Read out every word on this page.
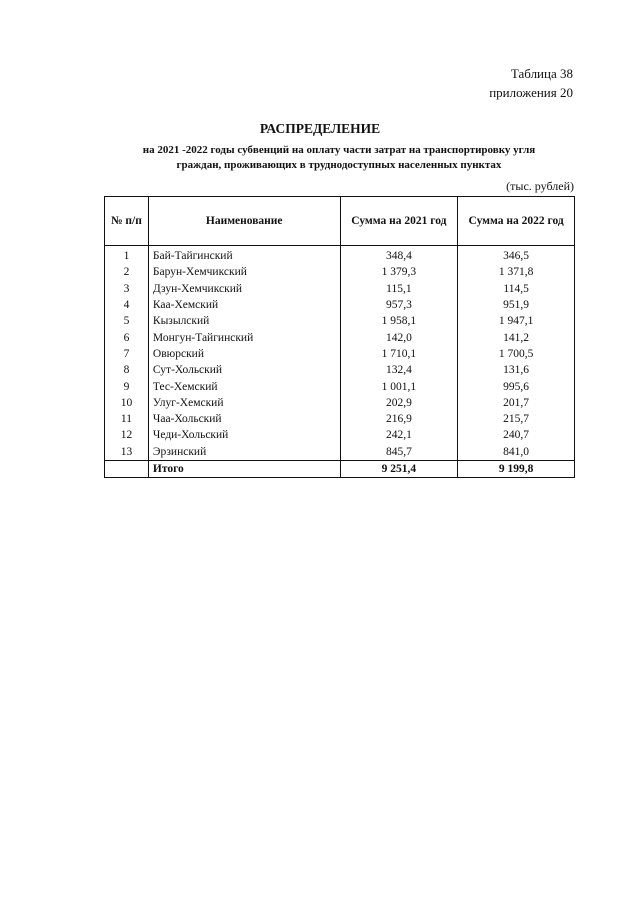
Таблица 38
приложения 20
РАСПРЕДЕЛЕНИЕ
на 2021 -2022 годы субвенций на оплату части затрат на транспортировку угля
граждан, проживающих в труднодоступных населенных пунктах
(тыс. рублей)
№ п/п	Наименование	Сумма на 2021 год	Сумма на 2022 год
1	Бай-Тайгинский	348,4	346,5
2	Барун-Хемчикский	1 379,3	1 371,8
3	Дзун-Хемчикский	115,1	114,5
4	Каа-Хемский	957,3	951,9
5	Кызылский	1 958,1	1 947,1
6	Монгун-Тайгинский	142,0	141,2
7	Овюрский	1 710,1	1 700,5
8	Сут-Хольский	132,4	131,6
9	Тес-Хемский	1 001,1	995,6
10	Улуг-Хемский	202,9	201,7
11	Чаа-Хольский	216,9	215,7
12	Чеди-Хольский	242,1	240,7
13	Эрзинский	845,7	841,0
	Итого	9 251,4	9 199,8
